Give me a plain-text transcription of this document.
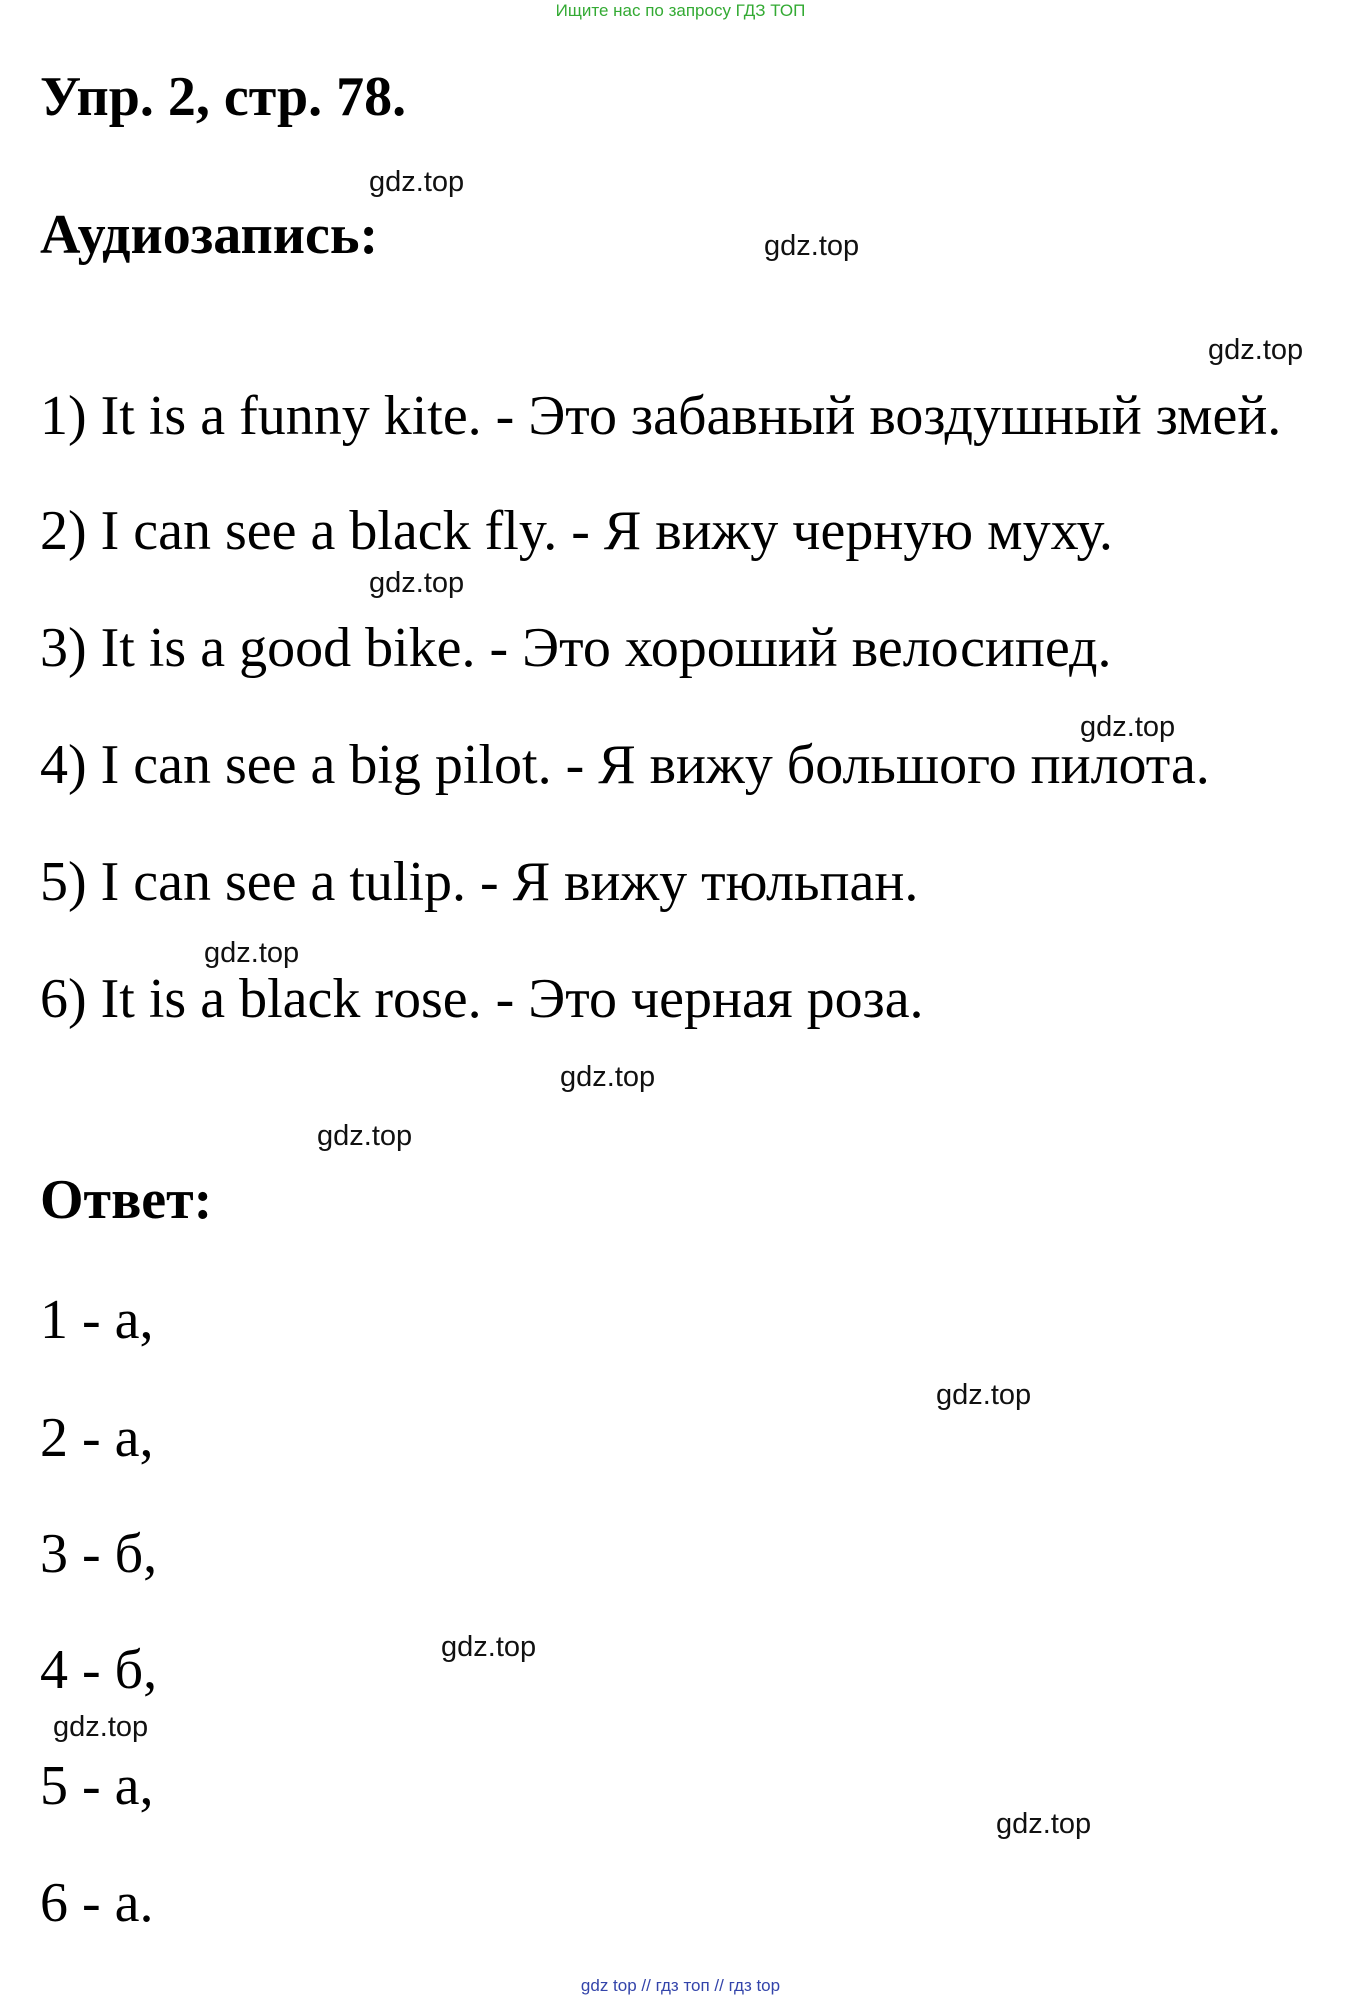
Ищите нас по запросу ГДЗ ТОП
Упр. 2, стр. 78.
Аудиозапись:
1) It is a funny kite. - Это забавный воздушный змей.
2) I can see a black fly. - Я вижу черную муху.
3) It is a good bike. - Это хороший велосипед.
4) I can see a big pilot. - Я вижу большого пилота.
5) I can see a tulip. - Я вижу тюльпан.
6) It is a black rose. - Это черная роза.
Ответ:
1 - а,
2 - а,
3 - б,
4 - б,
5 - а,
6 - а.
gdz.top
gdz.top
gdz.top
gdz.top
gdz.top
gdz.top
gdz.top
gdz.top
gdz.top
gdz.top
gdz.top
gdz.top
gdz top // гдз топ // гдз top
